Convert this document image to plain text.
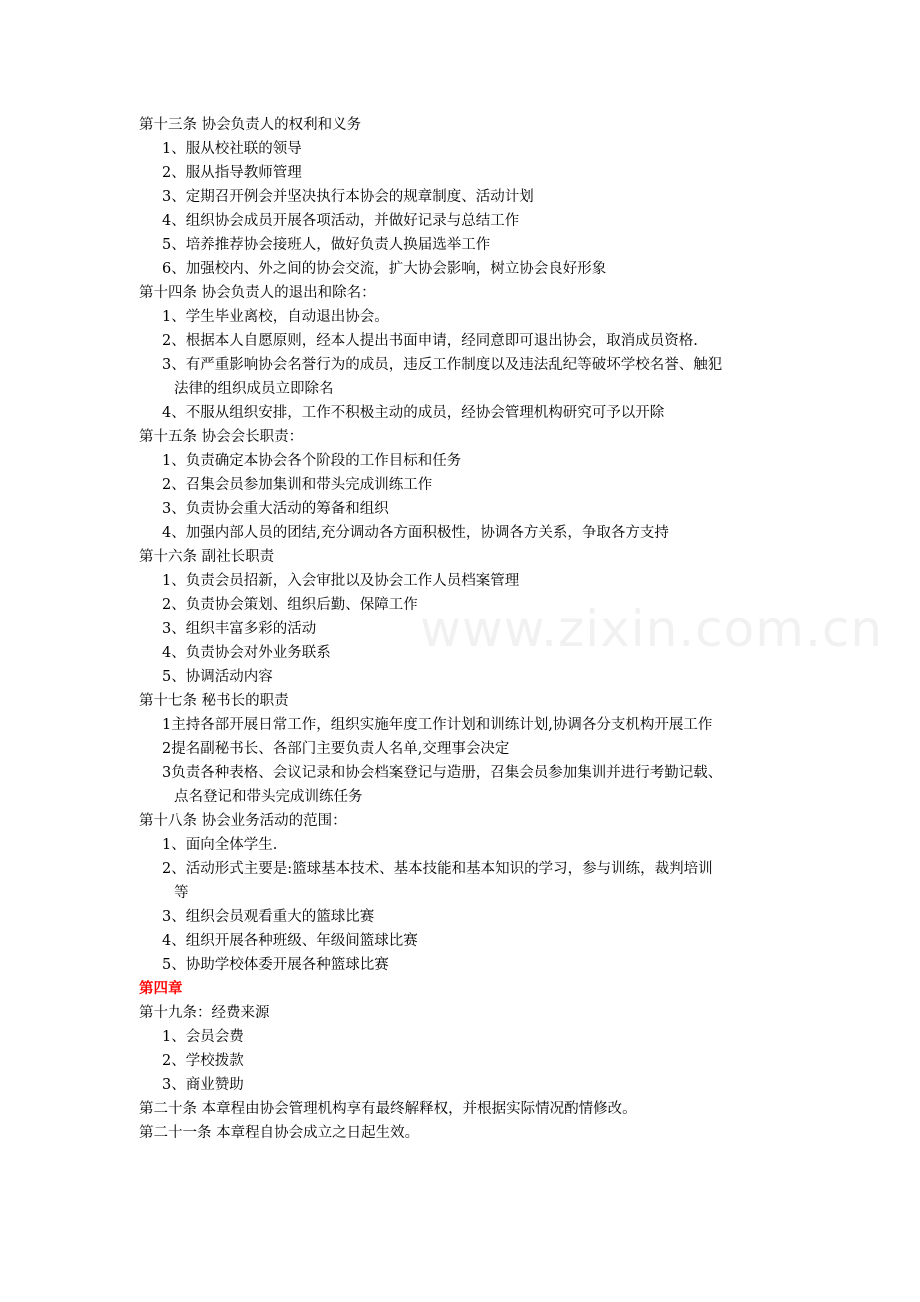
第十三条 协会负责人的权利和义务
1、服从校社联的领导
2、服从指导教师管理
3、定期召开例会并坚决执行本协会的规章制度、活动计划
4、组织协会成员开展各项活动，并做好记录与总结工作
5、培养推荐协会接班人，做好负责人换届选举工作
6、加强校内、外之间的协会交流，扩大协会影响，树立协会良好形象
第十四条 协会负责人的退出和除名：
1、学生毕业离校，自动退出协会。
2、根据本人自愿原则，经本人提出书面申请，经同意即可退出协会，取消成员资格.
3、有严重影响协会名誉行为的成员，违反工作制度以及违法乱纪等破坏学校名誉、触犯
法律的组织成员立即除名
4、不服从组织安排，工作不积极主动的成员，经协会管理机构研究可予以开除
第十五条 协会会长职责：
1、负责确定本协会各个阶段的工作目标和任务
2、召集会员参加集训和带头完成训练工作
3、负责协会重大活动的筹备和组织
4、加强内部人员的团结,充分调动各方面积极性，协调各方关系，争取各方支持
第十六条 副社长职责
1、负责会员招新，入会审批以及协会工作人员档案管理
2、负责协会策划、组织后勤、保障工作
3、组织丰富多彩的活动
4、负责协会对外业务联系
5、协调活动内容
第十七条 秘书长的职责
1主持各部开展日常工作，组织实施年度工作计划和训练计划,协调各分支机构开展工作
2提名副秘书长、各部门主要负责人名单,交理事会决定
3负责各种表格、会议记录和协会档案登记与造册，召集会员参加集训并进行考勤记载、
点名登记和带头完成训练任务
第十八条 协会业务活动的范围：
1、面向全体学生.
2、活动形式主要是:篮球基本技术、基本技能和基本知识的学习，参与训练，裁判培训
等
3、组织会员观看重大的篮球比赛
4、组织开展各种班级、年级间篮球比赛
5、协助学校体委开展各种篮球比赛
第四章
第十九条：经费来源
1、会员会费
2、学校拨款
3、商业赞助
第二十条 本章程由协会管理机构享有最终解释权，并根据实际情况酌情修改。
第二十一条 本章程自协会成立之日起生效。
www.zixin.com.cn
